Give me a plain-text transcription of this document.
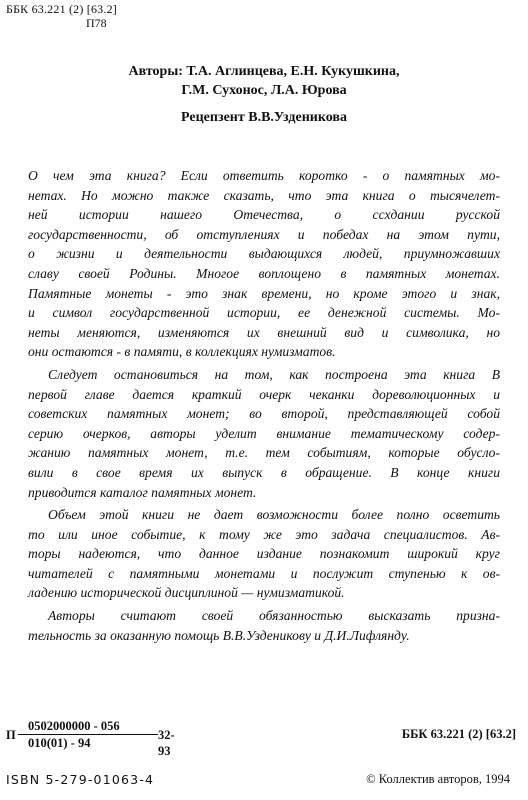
ББК 63.221 (2) [63.2]
П78
Авторы: Т.А. Аглинцева, Е.Н. Кукушкина,
Г.М. Сухонос, Л.А. Юрова
Рецепзент В.В.Узденикова

О чем эта книга? Если ответить коротко - о памятных мо-
нетах. Но можно также сказать, что эта книга о тысячелет-
ней истории нашего Отечества, о ссхдании русской
государственности, об отступлениях и победах на этом пути,
о жизни и деятельности выдающихся людей, приумножавших
славу своей Родины. Многое воплощено в памятных монетах.
Памятные монеты - это знак времени, но кроме этого и знак,
и символ государственной истории, ее денежной системы. Мо-
неты меняются, изменяются их внешний вид и символика, но
они остаются - в памяти, в коллекциях нумизматов.

Следует остановиться на том, как построена эта книга В
первой главе дается краткий очерк чеканки дореволюционных и
советских памятных монет; во второй, представляющей собой
серию очерков, авторы уделит внимание тематическому содер-
жанию памятных монет, т.е. тем событиям, которые обусло-
вили в свое время их выпуск в обращение. В конце книги
приводится каталог памятных монет.

Объем этой книги не дает возможности более полно осветить
то или иное событие, к тому же это задача специалистов. Ав-
торы надеются, что данное издание познакомит широкий круг
читателей с памятными монетами и послужит ступенью к ов-
ладению исторической дисциплиной — нумизматикой.

Авторы считают своей обязанностью высказать призна-
тельность за оказанную помощь В.В.Узденикову и Д.И.Лифляндy.

П $\frac{0502000000 - 056}{010(01) - 94} 32-93$
ББК 63.221 (2) [63.2]
ISBN 5-279-01063-4	© Коллектив авторов, 1994
